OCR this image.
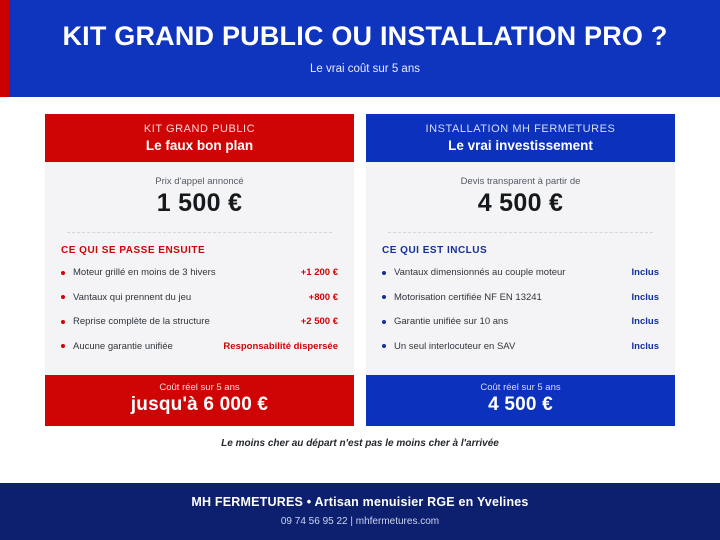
KIT GRAND PUBLIC OU INSTALLATION PRO ?
Le vrai coût sur 5 ans
KIT GRAND PUBLIC
Le faux bon plan
Prix d'appel annoncé
1 500 €
CE QUI SE PASSE ENSUITE
Moteur grillé en moins de 3 hivers	+1 200 €
Vantaux qui prennent du jeu	+800 €
Reprise complète de la structure	+2 500 €
Aucune garantie unifiée	Responsabilité dispersée
Coût réel sur 5 ans
jusqu'à 6 000 €
INSTALLATION MH FERMETURES
Le vrai investissement
Devis transparent à partir de
4 500 €
CE QUI EST INCLUS
Vantaux dimensionnés au couple moteur	Inclus
Motorisation certifiée NF EN 13241	Inclus
Garantie unifiée sur 10 ans	Inclus
Un seul interlocuteur en SAV	Inclus
Coût réel sur 5 ans
4 500 €
Le moins cher au départ n'est pas le moins cher à l'arrivée
MH FERMETURES • Artisan menuisier RGE en Yvelines
09 74 56 95 22 | mhfermetures.com
